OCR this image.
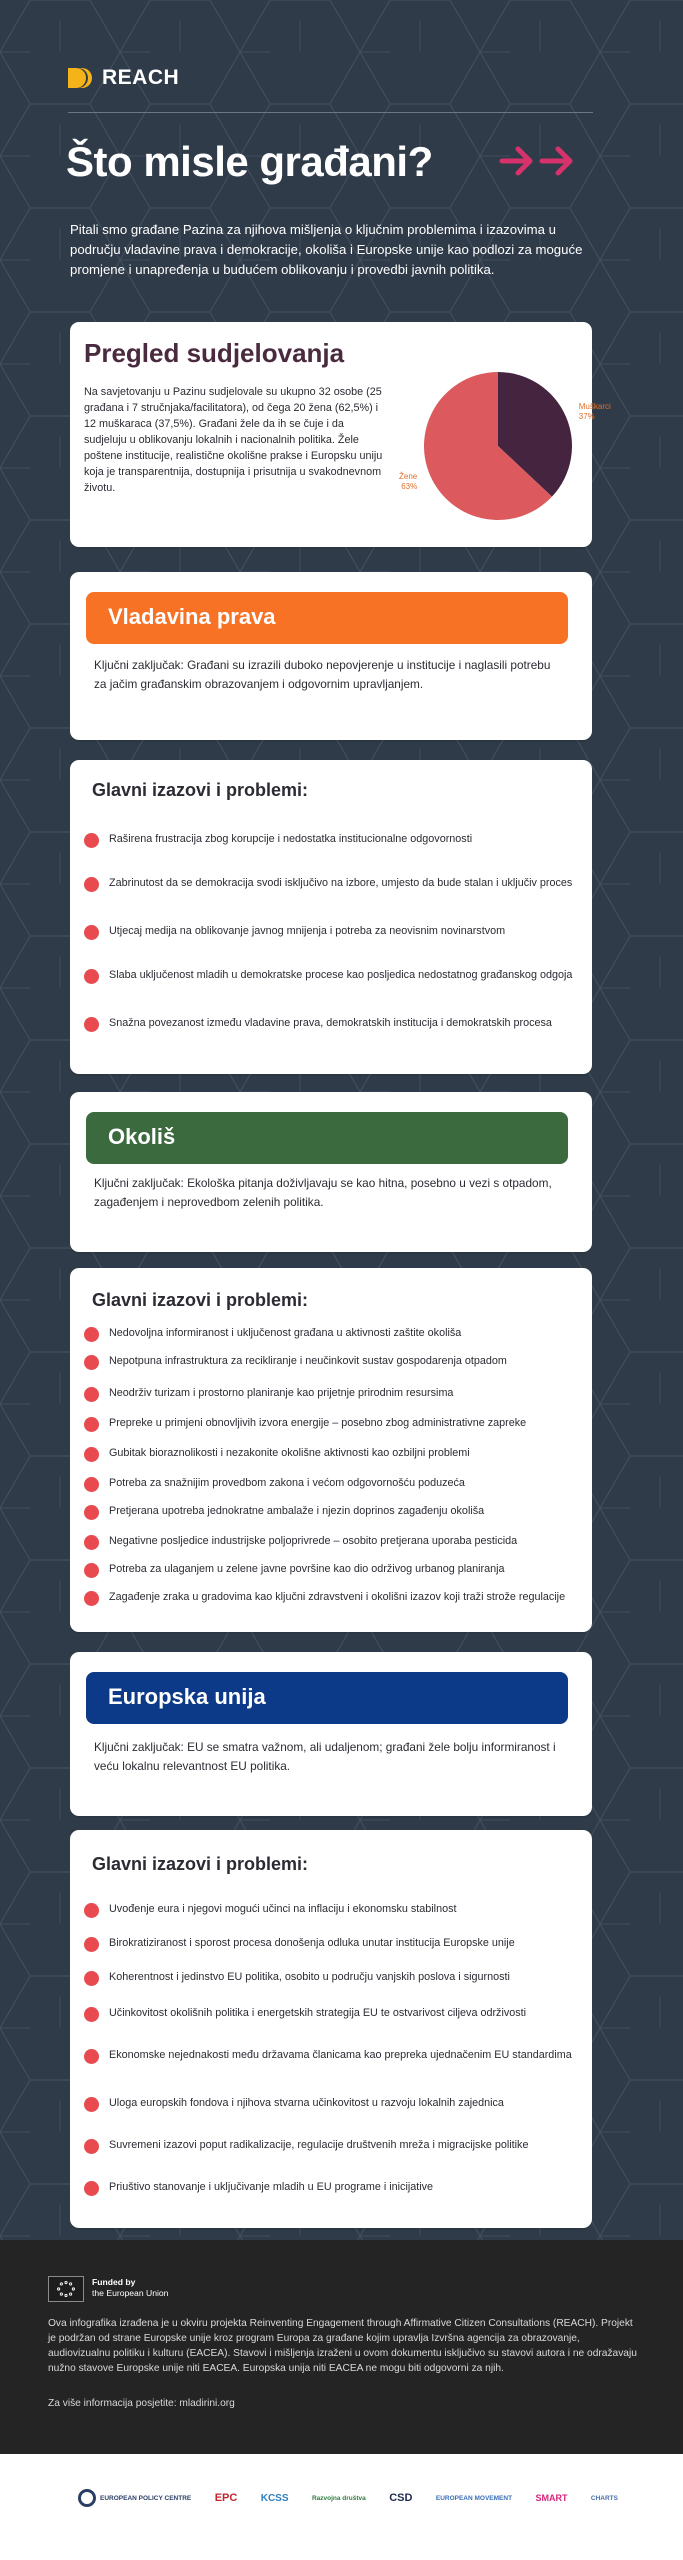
REACH
Što misle građani?

Pitali smo građane Pazina za njihova mišljenja o ključnim problemima i izazovima u području vladavine prava i demokracije, okoliša i Europske unije kao podlozi za moguće promjene i unapređenja u budućem oblikovanju i provedbi javnih politika.

Pregled sudjelovanja

Na savjetovanju u Pazinu sudjelovale su ukupno 32 osobe (25 građana i 7 stručnjaka/facilitatora), od čega 20 žena (62,5%) i 12 muškaraca (37,5%). Građani žele da ih se čuje i da sudjeluju u oblikovanju lokalnih i nacionalnih politika. Žele poštene institucije, realistične okolišne prakse i Europsku uniju koja je transparentnija, dostupnija i prisutnija u svakodnevnom životu.

Muškarci
37%
Žene
63%
Vladavina prava

Ključni zaključak: Građani su izrazili duboko nepovjerenje u institucije i naglasili potrebu za jačim građanskim obrazovanjem i odgovornim upravljanjem.

Glavni izazovi i problemi:
Raširena frustracija zbog korupcije i nedostatka institucionalne odgovornosti
Zabrinutost da se demokracija svodi isključivo na izbore, umjesto da bude stalan i uključiv proces
Utjecaj medija na oblikovanje javnog mnijenja i potreba za neovisnim novinarstvom
Slaba uključenost mladih u demokratske procese kao posljedica nedostatnog građanskog odgoja
Snažna povezanost između vladavine prava, demokratskih institucija i demokratskih procesa
Okoliš

Ključni zaključak: Ekološka pitanja doživljavaju se kao hitna, posebno u vezi s otpadom, zagađenjem i neprovedbom zelenih politika.

Glavni izazovi i problemi:
Nedovoljna informiranost i uključenost građana u aktivnosti zaštite okoliša
Nepotpuna infrastruktura za recikliranje i neučinkovit sustav gospodarenja otpadom
Neodrživ turizam i prostorno planiranje kao prijetnje prirodnim resursima
Prepreke u primjeni obnovljivih izvora energije – posebno zbog administrativne zapreke
Gubitak bioraznolikosti i nezakonite okolišne aktivnosti kao ozbiljni problemi
Potreba za snažnijim provedbom zakona i većom odgovornošću poduzeća
Pretjerana upotreba jednokratne ambalaže i njezin doprinos zagađenju okoliša
Negativne posljedice industrijske poljoprivrede – osobito pretjerana uporaba pesticida
Potreba za ulaganjem u zelene javne površine kao dio održivog urbanog planiranja
Zagađenje zraka u gradovima kao ključni zdravstveni i okolišni izazov koji traži strože regulacije
Europska unija

Ključni zaključak: EU se smatra važnom, ali udaljenom; građani žele bolju informiranost i veću lokalnu relevantnost EU politika.

Glavni izazovi i problemi:
Uvođenje eura i njegovi mogući učinci na inflaciju i ekonomsku stabilnost
Birokratiziranost i sporost procesa donošenja odluka unutar institucija Europske unije
Koherentnost i jedinstvo EU politika, osobito u području vanjskih poslova i sigurnosti
Učinkovitost okolišnih politika i energetskih strategija EU te ostvarivost ciljeva održivosti
Ekonomske nejednakosti među državama članicama kao prepreka ujednačenim EU standardima
Uloga europskih fondova i njihova stvarna učinkovitost u razvoju lokalnih zajednica
Suvremeni izazovi poput radikalizacije, regulacije društvenih mreža i migracijske politike
Priuštivo stanovanje i uključivanje mladih u EU programe i inicijative
Funded by
the European Union

Ova infografika izrađena je u okviru projekta Reinventing Engagement through Affirmative Citizen Consultations (REACH). Projekt je podržan od strane Europske unije kroz program Europa za građane kojim upravlja Izvršna agencija za obrazovanje, audiovizualnu politiku i kulturu (EACEA). Stavovi i mišljenja izraženi u ovom dokumentu isključivo su stavovi autora i ne odražavaju nužno stavove Europske unije niti EACEA. Europska unija niti EACEA ne mogu biti odgovorni za njih.

Za više informacija posjetite: mladirini.org

EUROPEAN POLICY CENTRE EPC KCSS	Razvojna društva CSD	EUROPEAN MOVEMENT	SMART	CHARTS
